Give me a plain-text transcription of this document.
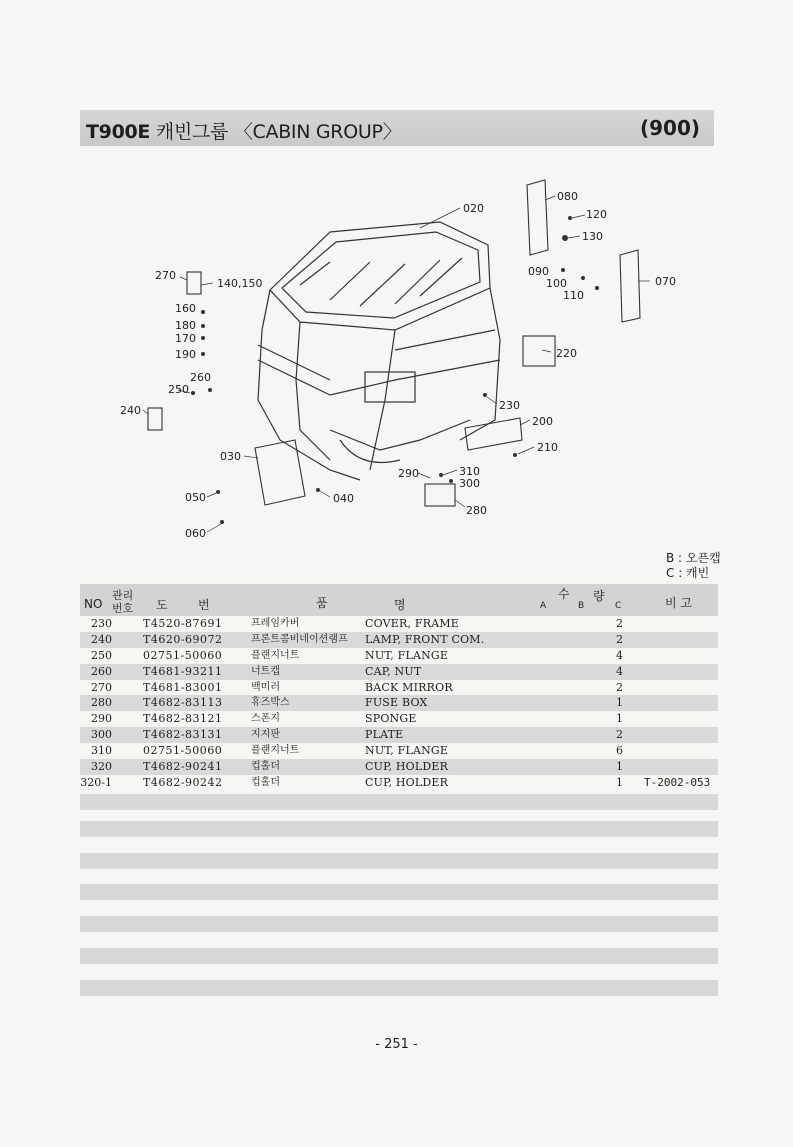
T900E 캐빈그룹 〈CABIN GROUP〉	(900)
020
080
120
130
090
100
110
070
270
140,150
160
180
170
190
260
250
240
220
230
200
210
030
310
300
290
280
050	040
060
B : 오픈캡
C : 캐빈
NO
관리
번호 도	번	품	명
수 량
A	B	C	비 고
230	T4520-87691	프레임카버	COVER, FRAME	2
240	T4620-69072	프론트콤비네이션램프 LAMP, FRONT COM.	2
250	02751-50060	플랜지너트	NUT, FLANGE	4
260	T4681-93211	너트캡	CAP, NUT	4
270	T4681-83001	백미러	BACK MIRROR	2
280	T4682-83113	휴즈박스	FUSE BOX	1
290	T4682-83121	스폰지	SPONGE	1
300	T4682-83131	지지판	PLATE	2
310	02751-50060	플랜지너트	NUT, FLANGE	6
320	T4682-90241	컵홀더	CUP, HOLDER	1
320-1	T4682-90242	컵홀더	CUP, HOLDER	1 T-2002-053
- 251 -
